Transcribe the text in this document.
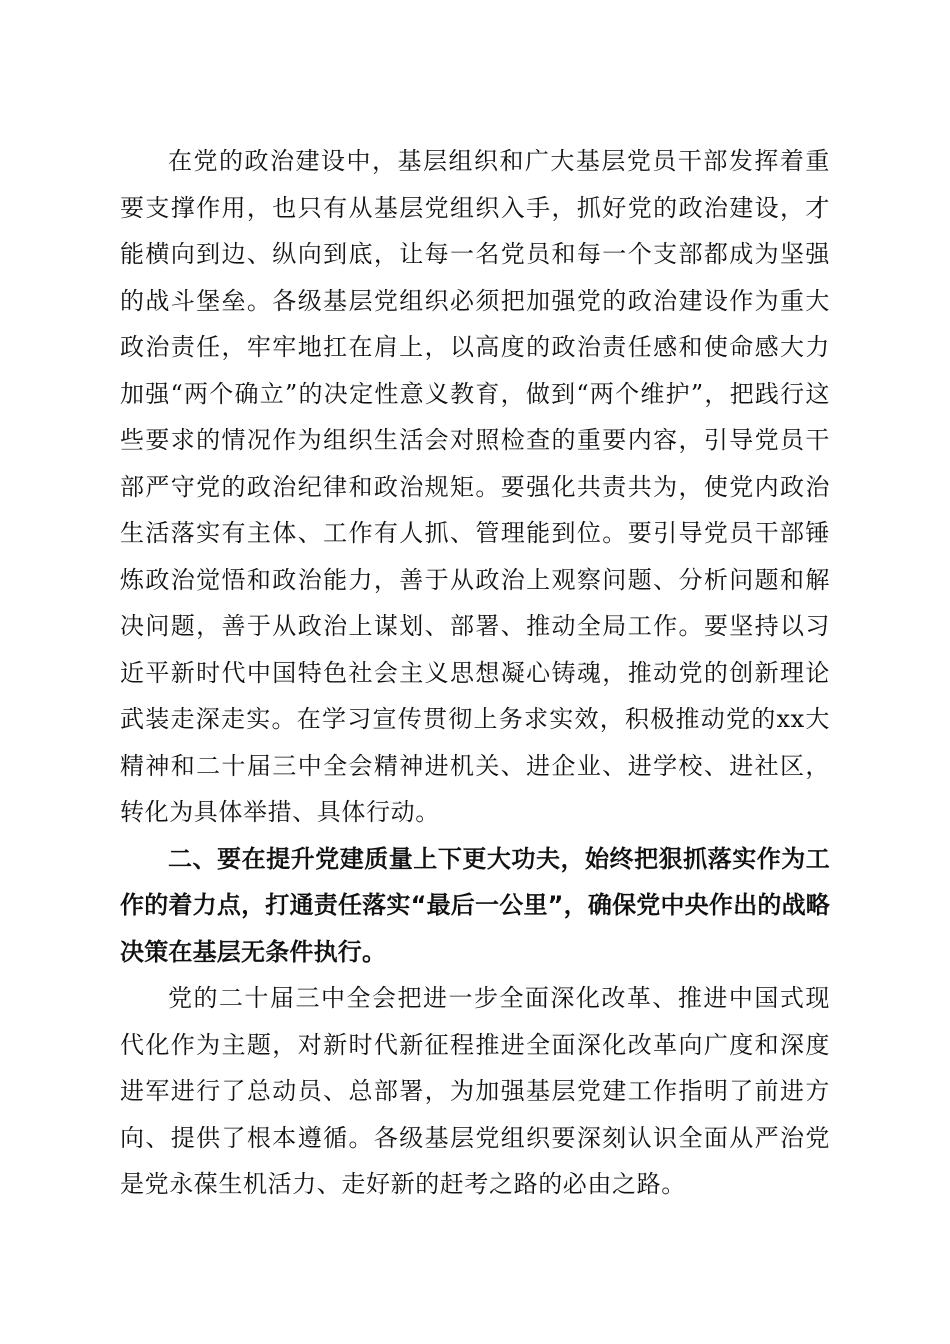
在党的政治建设中，基层组织和广大基层党员干部发挥着重要支撑作用，也只有从基层党组织入手，抓好党的政治建设，才能横向到边、纵向到底，让每一名党员和每一个支部都成为坚强的战斗堡垒。各级基层党组织必须把加强党的政治建设作为重大政治责任，牢牢地扛在肩上，以高度的政治责任感和使命感大力加强“两个确立”的决定性意义教育，做到“两个维护”，把践行这些要求的情况作为组织生活会对照检查的重要内容，引导党员干部严守党的政治纪律和政治规矩。要强化共责共为，使党内政治生活落实有主体、工作有人抓、管理能到位。要引导党员干部锤炼政治觉悟和政治能力，善于从政治上观察问题、分析问题和解决问题，善于从政治上谋划、部署、推动全局工作。要坚持以习近平新时代中国特色社会主义思想凝心铸魂，推动党的创新理论武装走深走实。在学习宣传贯彻上务求实效，积极推动党的xx大精神和二十届三中全会精神进机关、进企业、进学校、进社区，转化为具体举措、具体行动。

二、要在提升党建质量上下更大功夫，始终把狠抓落实作为工作的着力点，打通责任落实“最后一公里”，确保党中央作出的战略决策在基层无条件执行。

党的二十届三中全会把进一步全面深化改革、推进中国式现代化作为主题，对新时代新征程推进全面深化改革向广度和深度进军进行了总动员、总部署，为加强基层党建工作指明了前进方向、提供了根本遵循。各级基层党组织要深刻认识全面从严治党是党永葆生机活力、走好新的赶考之路的必由之路。
